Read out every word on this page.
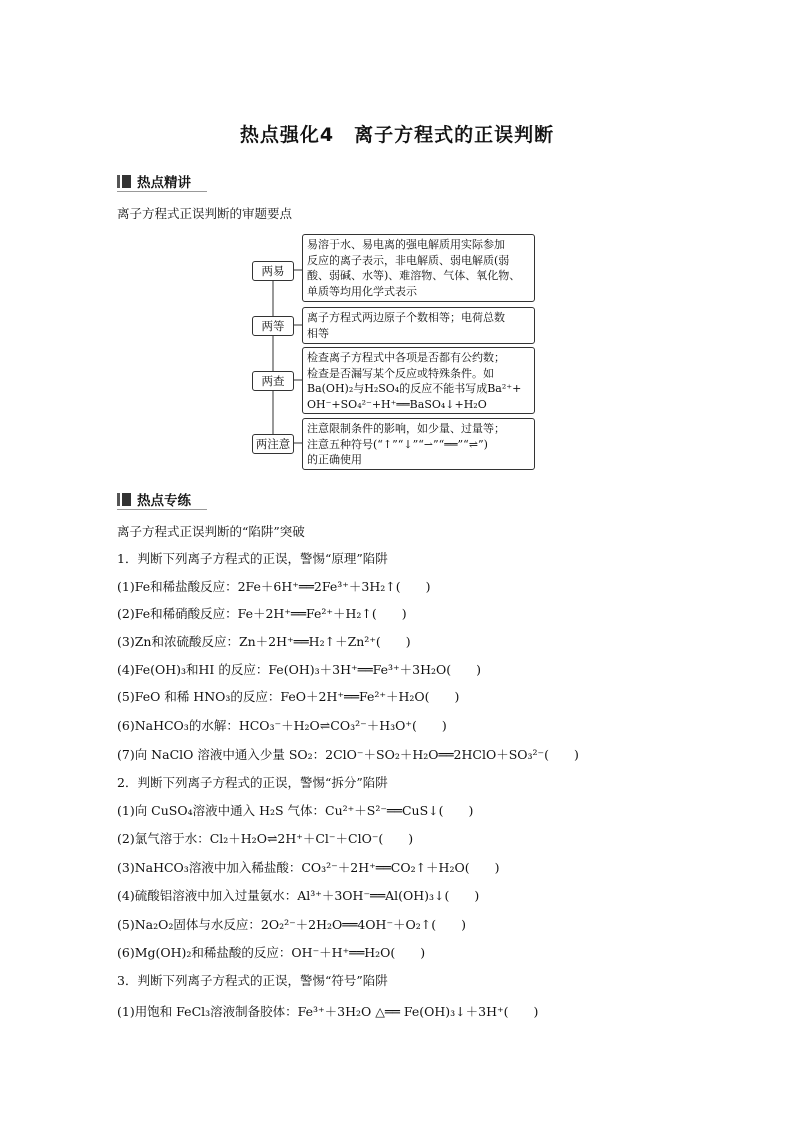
热点强化4　离子方程式的正误判断
热点精讲
离子方程式正误判断的审题要点
两易
易溶于水、易电离的强电解质用实际参加
反应的离子表示，非电解质、弱电解质(弱
酸、弱碱、水等)、难溶物、气体、氧化物、
单质等均用化学式表示
两等
离子方程式两边原子个数相等；电荷总数
相等
两查
检查离子方程式中各项是否都有公约数；
检查是否漏写某个反应或特殊条件。如
Ba(OH)₂与H₂SO₄的反应不能书写成Ba²⁺+
OH⁻+SO₄²⁻+H⁺══BaSO₄↓+H₂O
两注意
注意限制条件的影响，如少量、过量等；
注意五种符号(“↑”“↓”“⇀”“══”“⇌”)
的正确使用
热点专练
离子方程式正误判断的“陷阱”突破
1．判断下列离子方程式的正误，警惕“原理”陷阱
(1)Fe和稀盐酸反应：2Fe＋6H⁺══2Fe³⁺＋3H₂↑(　　)
(2)Fe和稀硝酸反应：Fe＋2H⁺══Fe²⁺＋H₂↑(　　)
(3)Zn和浓硫酸反应：Zn＋2H⁺══H₂↑＋Zn²⁺(　　)
(4)Fe(OH)₃和HI 的反应：Fe(OH)₃＋3H⁺══Fe³⁺＋3H₂O(　　)
(5)FeO 和稀 HNO₃的反应：FeO＋2H⁺══Fe²⁺＋H₂O(　　)
(6)NaHCO₃的水解：HCO₃⁻＋H₂O⇌CO₃²⁻＋H₃O⁺(　　)
(7)向 NaClO 溶液中通入少量 SO₂：2ClO⁻＋SO₂＋H₂O══2HClO＋SO₃²⁻(　　)
2．判断下列离子方程式的正误，警惕“拆分”陷阱
(1)向 CuSO₄溶液中通入 H₂S 气体：Cu²⁺＋S²⁻══CuS↓(　　)
(2)氯气溶于水：Cl₂＋H₂O⇌2H⁺＋Cl⁻＋ClO⁻(　　)
(3)NaHCO₃溶液中加入稀盐酸：CO₃²⁻＋2H⁺══CO₂↑＋H₂O(　　)
(4)硫酸铝溶液中加入过量氨水：Al³⁺＋3OH⁻══Al(OH)₃↓(　　)
(5)Na₂O₂固体与水反应：2O₂²⁻＋2H₂O══4OH⁻＋O₂↑(　　)
(6)Mg(OH)₂和稀盐酸的反应：OH⁻＋H⁺══H₂O(　　)
3．判断下列离子方程式的正误，警惕“符号”陷阱
(1)用饱和 FeCl₃溶液制备胶体：Fe³⁺＋3H₂O △══ Fe(OH)₃↓＋3H⁺(　　)
